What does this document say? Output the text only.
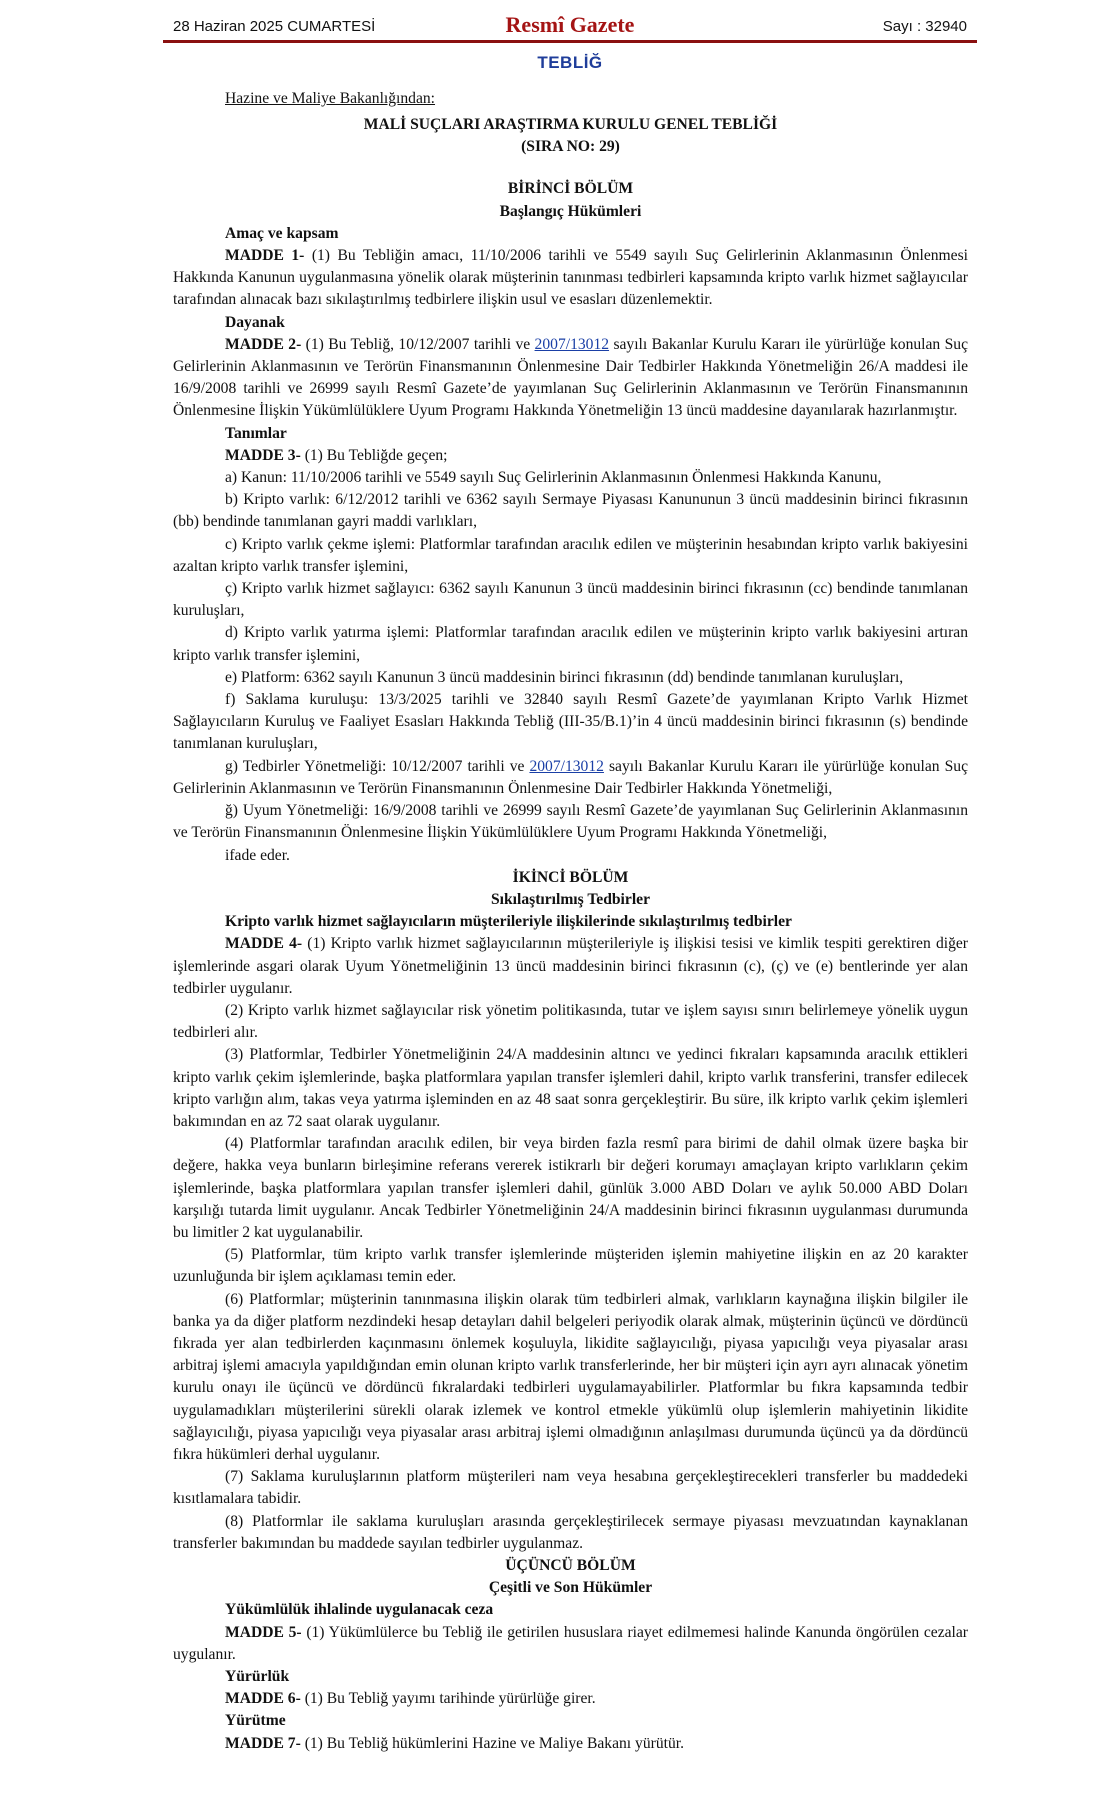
28 Haziran 2025 CUMARTESİ	Resmî Gazete	Sayı : 32940
TEBLİĞ

Hazine ve Maliye Bakanlığından:

MALİ SUÇLARI ARAŞTIRMA KURULU GENEL TEBLİĞİ

(SIRA NO: 29)

BİRİNCİ BÖLÜM

Başlangıç Hükümleri

Amaç ve kapsam

MADDE 1- (1) Bu Tebliğin amacı, 11/10/2006 tarihli ve 5549 sayılı Suç Gelirlerinin Aklanmasının Önlenmesi Hakkında Kanunun uygulanmasına yönelik olarak müşterinin tanınması tedbirleri kapsamında kripto varlık hizmet sağlayıcılar tarafından alınacak bazı sıkılaştırılmış tedbirlere ilişkin usul ve esasları düzenlemektir.

Dayanak

MADDE 2- (1) Bu Tebliğ, 10/12/2007 tarihli ve 2007/13012 sayılı Bakanlar Kurulu Kararı ile yürürlüğe konulan Suç Gelirlerinin Aklanmasının ve Terörün Finansmanının Önlenmesine Dair Tedbirler Hakkında Yönetmeliğin 26/A maddesi ile 16/9/2008 tarihli ve 26999 sayılı Resmî Gazete’de yayımlanan Suç Gelirlerinin Aklanmasının ve Terörün Finansmanının Önlenmesine İlişkin Yükümlülüklere Uyum Programı Hakkında Yönetmeliğin 13 üncü maddesine dayanılarak hazırlanmıştır.

Tanımlar

MADDE 3- (1) Bu Tebliğde geçen;

a) Kanun: 11/10/2006 tarihli ve 5549 sayılı Suç Gelirlerinin Aklanmasının Önlenmesi Hakkında Kanunu,

b) Kripto varlık: 6/12/2012 tarihli ve 6362 sayılı Sermaye Piyasası Kanununun 3 üncü maddesinin birinci fıkrasının (bb) bendinde tanımlanan gayri maddi varlıkları,

c) Kripto varlık çekme işlemi: Platformlar tarafından aracılık edilen ve müşterinin hesabından kripto varlık bakiyesini azaltan kripto varlık transfer işlemini,

ç) Kripto varlık hizmet sağlayıcı: 6362 sayılı Kanunun 3 üncü maddesinin birinci fıkrasının (cc) bendinde tanımlanan kuruluşları,

d) Kripto varlık yatırma işlemi: Platformlar tarafından aracılık edilen ve müşterinin kripto varlık bakiyesini artıran kripto varlık transfer işlemini,

e) Platform: 6362 sayılı Kanunun 3 üncü maddesinin birinci fıkrasının (dd) bendinde tanımlanan kuruluşları,

f) Saklama kuruluşu: 13/3/2025 tarihli ve 32840 sayılı Resmî Gazete’de yayımlanan Kripto Varlık Hizmet Sağlayıcıların Kuruluş ve Faaliyet Esasları Hakkında Tebliğ (III-35/B.1)’in 4 üncü maddesinin birinci fıkrasının (s) bendinde tanımlanan kuruluşları,

g) Tedbirler Yönetmeliği: 10/12/2007 tarihli ve 2007/13012 sayılı Bakanlar Kurulu Kararı ile yürürlüğe konulan Suç Gelirlerinin Aklanmasının ve Terörün Finansmanının Önlenmesine Dair Tedbirler Hakkında Yönetmeliği,

ğ) Uyum Yönetmeliği: 16/9/2008 tarihli ve 26999 sayılı Resmî Gazete’de yayımlanan Suç Gelirlerinin Aklanmasının ve Terörün Finansmanının Önlenmesine İlişkin Yükümlülüklere Uyum Programı Hakkında Yönetmeliği,

ifade eder.

İKİNCİ BÖLÜM

Sıkılaştırılmış Tedbirler

Kripto varlık hizmet sağlayıcıların müşterileriyle ilişkilerinde sıkılaştırılmış tedbirler

MADDE 4- (1) Kripto varlık hizmet sağlayıcılarının müşterileriyle iş ilişkisi tesisi ve kimlik tespiti gerektiren diğer işlemlerinde asgari olarak Uyum Yönetmeliğinin 13 üncü maddesinin birinci fıkrasının (c), (ç) ve (e) bentlerinde yer alan tedbirler uygulanır.

(2) Kripto varlık hizmet sağlayıcılar risk yönetim politikasında, tutar ve işlem sayısı sınırı belirlemeye yönelik uygun tedbirleri alır.

(3) Platformlar, Tedbirler Yönetmeliğinin 24/A maddesinin altıncı ve yedinci fıkraları kapsamında aracılık ettikleri kripto varlık çekim işlemlerinde, başka platformlara yapılan transfer işlemleri dahil, kripto varlık transferini, transfer edilecek kripto varlığın alım, takas veya yatırma işleminden en az 48 saat sonra gerçekleştirir. Bu süre, ilk kripto varlık çekim işlemleri bakımından en az 72 saat olarak uygulanır.

(4) Platformlar tarafından aracılık edilen, bir veya birden fazla resmî para birimi de dahil olmak üzere başka bir değere, hakka veya bunların birleşimine referans vererek istikrarlı bir değeri korumayı amaçlayan kripto varlıkların çekim işlemlerinde, başka platformlara yapılan transfer işlemleri dahil, günlük 3.000 ABD Doları ve aylık 50.000 ABD Doları karşılığı tutarda limit uygulanır. Ancak Tedbirler Yönetmeliğinin 24/A maddesinin birinci fıkrasının uygulanması durumunda bu limitler 2 kat uygulanabilir.

(5) Platformlar, tüm kripto varlık transfer işlemlerinde müşteriden işlemin mahiyetine ilişkin en az 20 karakter uzunluğunda bir işlem açıklaması temin eder.

(6) Platformlar; müşterinin tanınmasına ilişkin olarak tüm tedbirleri almak, varlıkların kaynağına ilişkin bilgiler ile banka ya da diğer platform nezdindeki hesap detayları dahil belgeleri periyodik olarak almak, müşterinin üçüncü ve dördüncü fıkrada yer alan tedbirlerden kaçınmasını önlemek koşuluyla, likidite sağlayıcılığı, piyasa yapıcılığı veya piyasalar arası arbitraj işlemi amacıyla yapıldığından emin olunan kripto varlık transferlerinde, her bir müşteri için ayrı ayrı alınacak yönetim kurulu onayı ile üçüncü ve dördüncü fıkralardaki tedbirleri uygulamayabilirler. Platformlar bu fıkra kapsamında tedbir uygulamadıkları müşterilerini sürekli olarak izlemek ve kontrol etmekle yükümlü olup işlemlerin mahiyetinin likidite sağlayıcılığı, piyasa yapıcılığı veya piyasalar arası arbitraj işlemi olmadığının anlaşılması durumunda üçüncü ya da dördüncü fıkra hükümleri derhal uygulanır.

(7) Saklama kuruluşlarının platform müşterileri nam veya hesabına gerçekleştirecekleri transferler bu maddedeki kısıtlamalara tabidir.

(8) Platformlar ile saklama kuruluşları arasında gerçekleştirilecek sermaye piyasası mevzuatından kaynaklanan transferler bakımından bu maddede sayılan tedbirler uygulanmaz.

ÜÇÜNCÜ BÖLÜM

Çeşitli ve Son Hükümler

Yükümlülük ihlalinde uygulanacak ceza

MADDE 5- (1) Yükümlülerce bu Tebliğ ile getirilen hususlara riayet edilmemesi halinde Kanunda öngörülen cezalar uygulanır.

Yürürlük

MADDE 6- (1) Bu Tebliğ yayımı tarihinde yürürlüğe girer.

Yürütme

MADDE 7- (1) Bu Tebliğ hükümlerini Hazine ve Maliye Bakanı yürütür.
